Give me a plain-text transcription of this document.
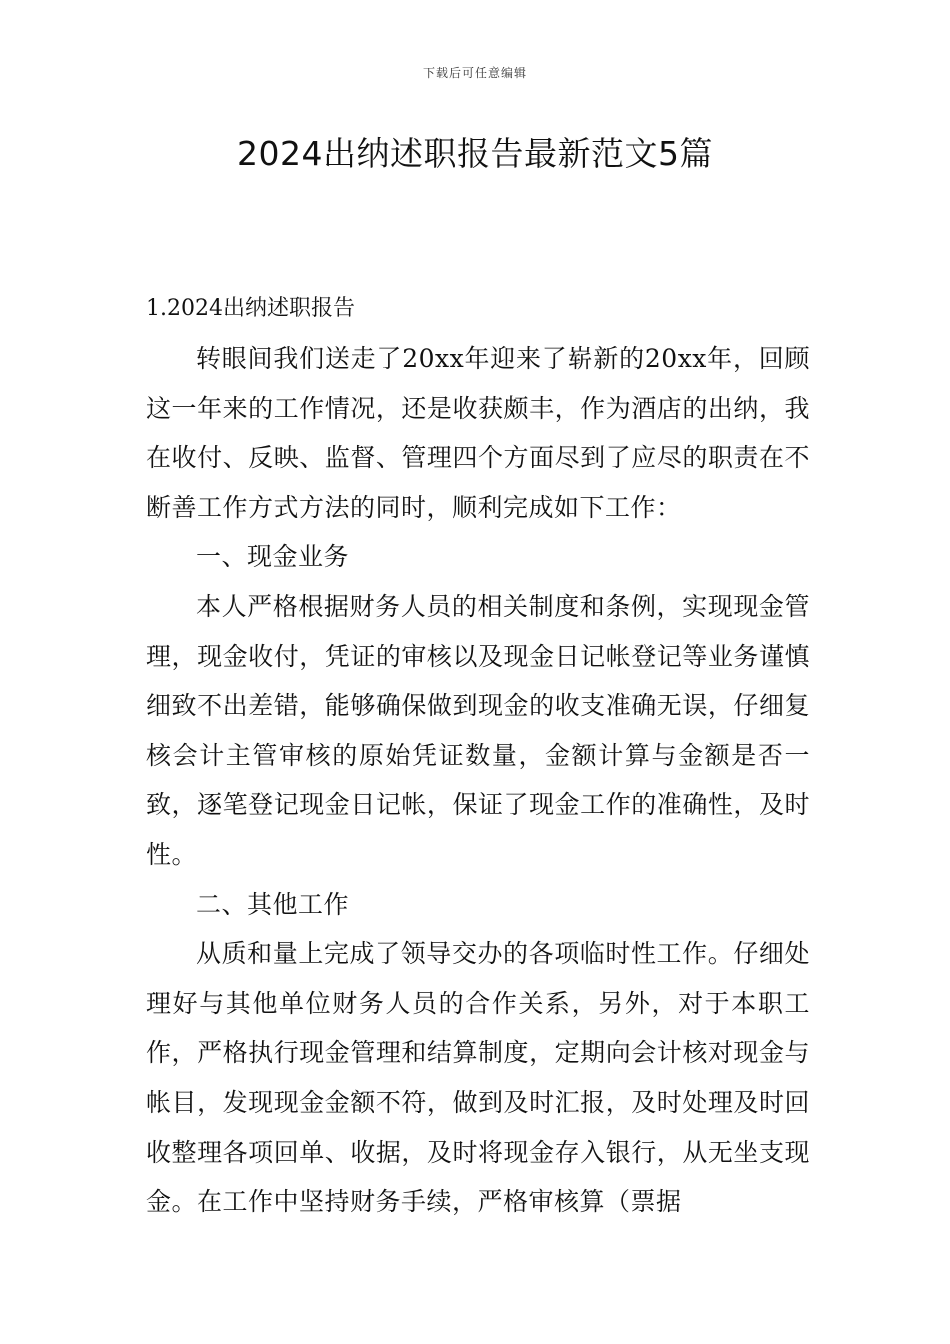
下载后可任意编辑
2024出纳述职报告最新范文5篇

1.2024出纳述职报告

转眼间我们送走了20xx年迎来了崭新的20xx年，回顾这一年来的工作情况，还是收获颇丰，作为酒店的出纳，我在收付、反映、监督、管理四个方面尽到了应尽的职责在不断善工作方式方法的同时，顺利完成如下工作：

一、现金业务

本人严格根据财务人员的相关制度和条例，实现现金管理，现金收付，凭证的审核以及现金日记帐登记等业务谨慎细致不出差错，能够确保做到现金的收支准确无误，仔细复核会计主管审核的原始凭证数量，金额计算与金额是否一致，逐笔登记现金日记帐，保证了现金工作的准确性，及时性。

二、其他工作

从质和量上完成了领导交办的各项临时性工作。仔细处理好与其他单位财务人员的合作关系，另外，对于本职工作，严格执行现金管理和结算制度，定期向会计核对现金与帐目，发现现金金额不符，做到及时汇报，及时处理及时回收整理各项回单、收据，及时将现金存入银行，从无坐支现金。在工作中坚持财务手续，严格审核算（票据
